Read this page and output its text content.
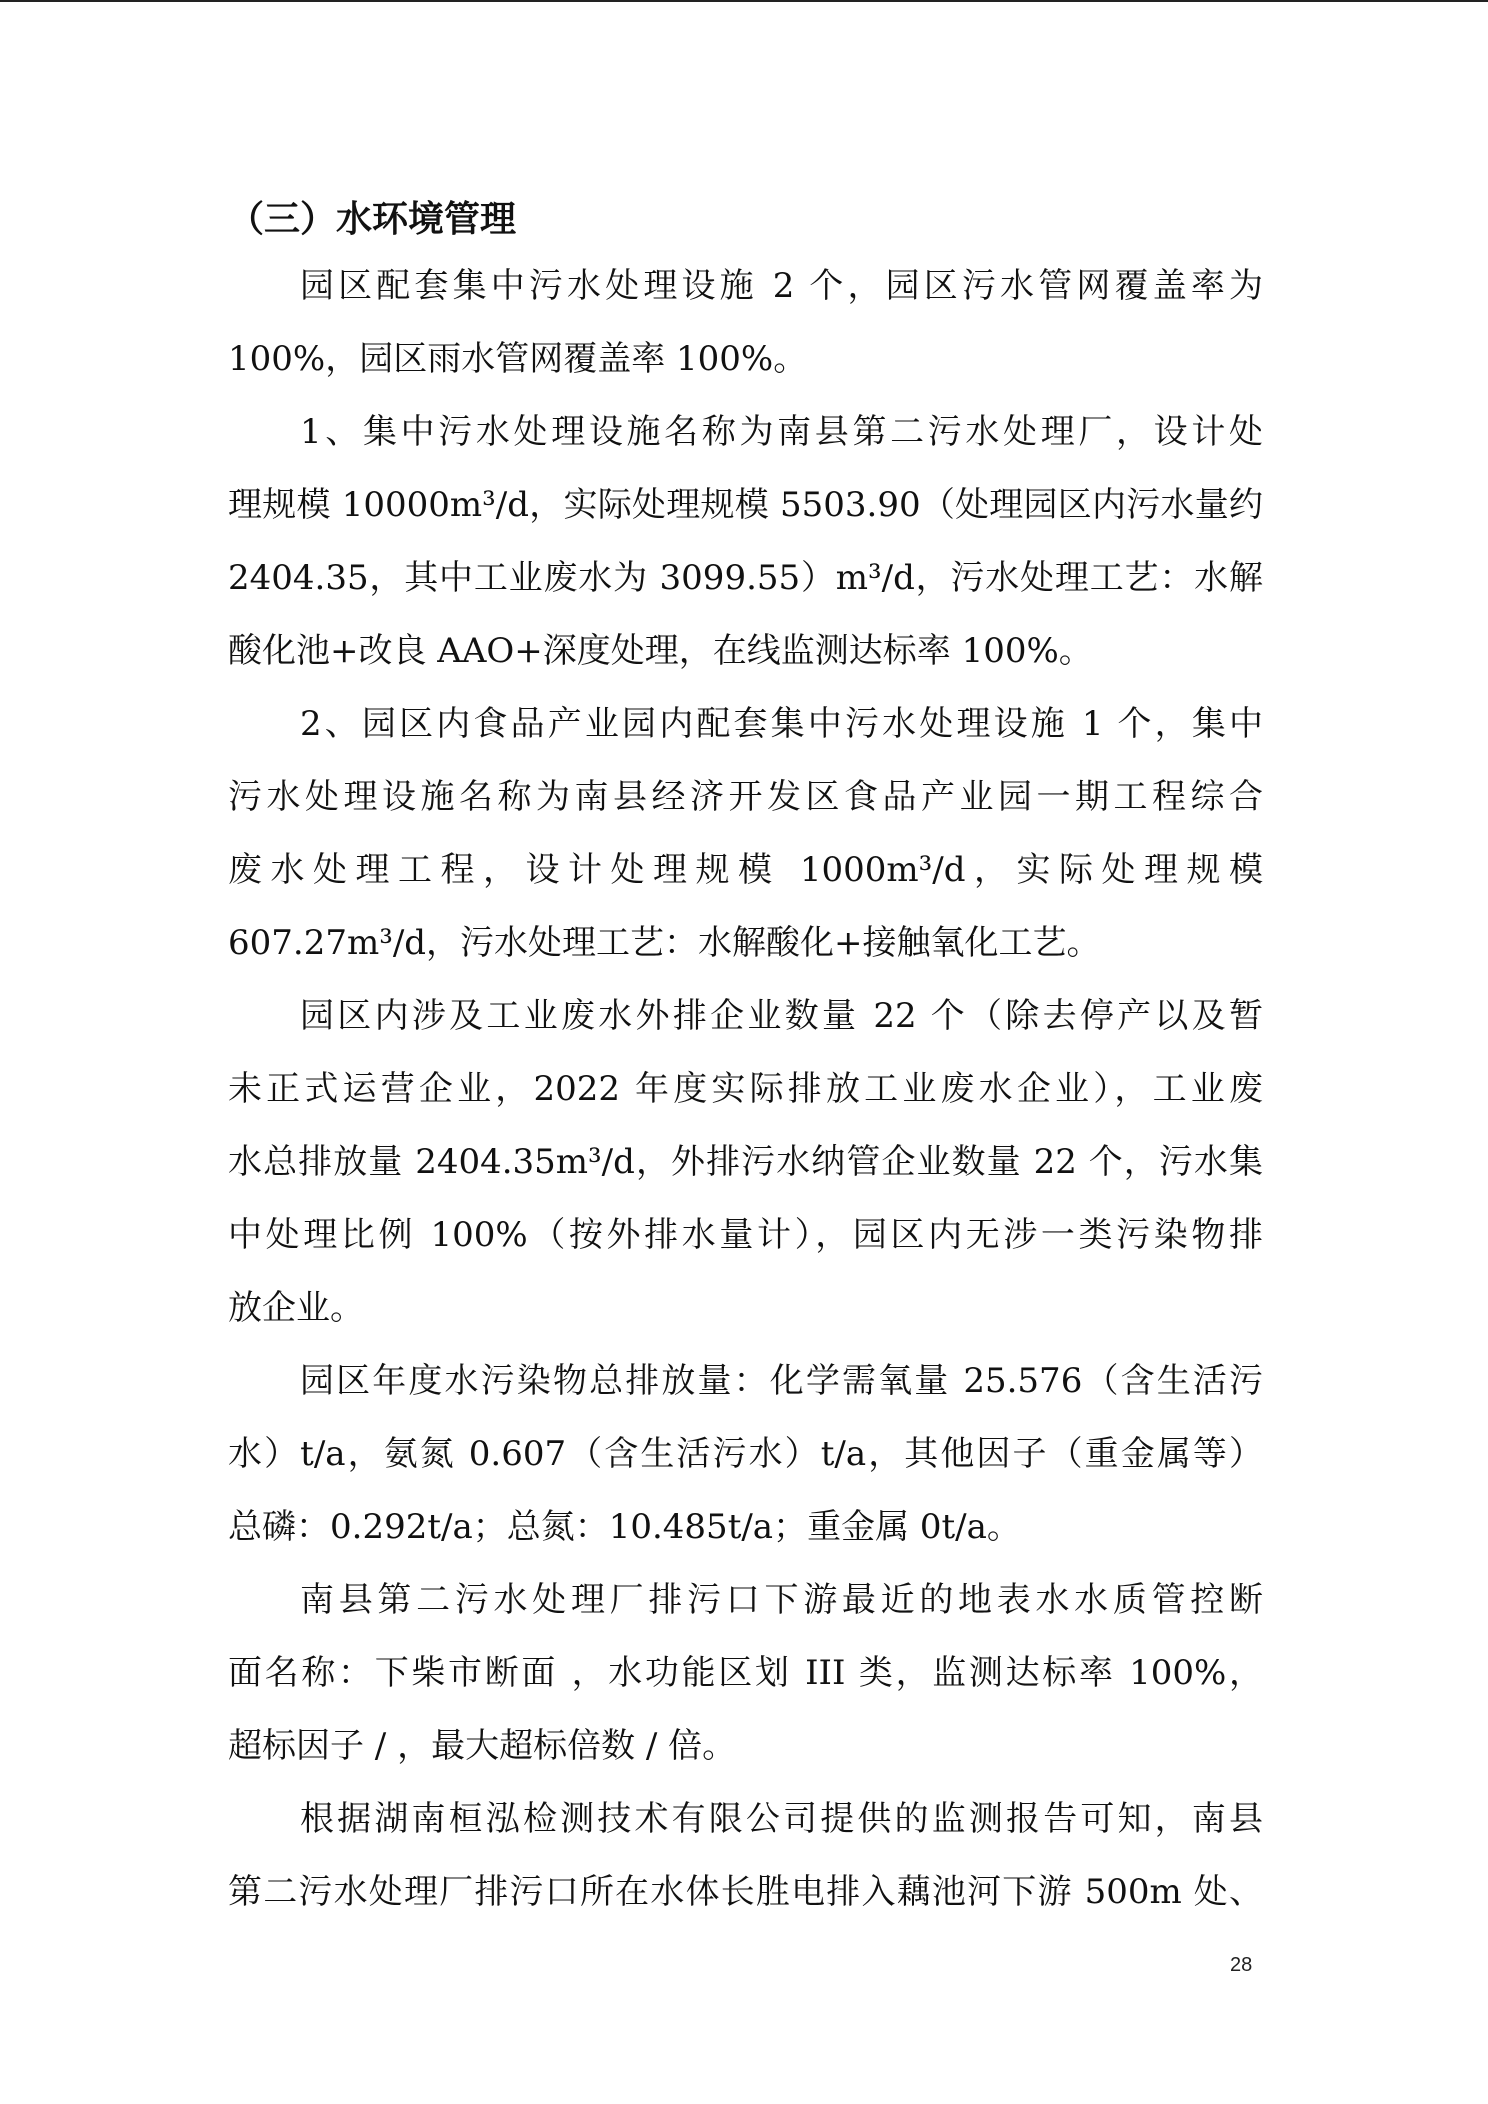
（三）水环境管理
园区配套集中污水处理设施 2 个，园区污水管网覆盖率为
100%，园区雨水管网覆盖率 100%。
1、集中污水处理设施名称为南县第二污水处理厂，设计处
理规模 10000m³/d，实际处理规模 5503.90（处理园区内污水量约
2404.35，其中工业废水为 3099.55）m³/d，污水处理工艺：水解
酸化池+改良 AAO+深度处理，在线监测达标率 100%。
2、园区内食品产业园内配套集中污水处理设施 1 个，集中
污水处理设施名称为南县经济开发区食品产业园一期工程综合
废水处理工程，设计处理规模 1000m³/d，实际处理规模
607.27m³/d，污水处理工艺：水解酸化+接触氧化工艺。
园区内涉及工业废水外排企业数量 22 个（除去停产以及暂
未正式运营企业，2022 年度实际排放工业废水企业），工业废
水总排放量 2404.35m³/d，外排污水纳管企业数量 22 个，污水集
中处理比例 100%（按外排水量计），园区内无涉一类污染物排
放企业。
园区年度水污染物总排放量：化学需氧量 25.576（含生活污
水）t/a，氨氮 0.607（含生活污水）t/a，其他因子（重金属等）
总磷：0.292t/a；总氮：10.485t/a；重金属 0t/a。
南县第二污水处理厂排污口下游最近的地表水水质管控断
面名称：下柴市断面 ，水功能区划 III 类，监测达标率 100%，
超标因子 / ，最大超标倍数 / 倍。
根据湖南桓泓检测技术有限公司提供的监测报告可知，南县
第二污水处理厂排污口所在水体长胜电排入藕池河下游 500m 处、
28
